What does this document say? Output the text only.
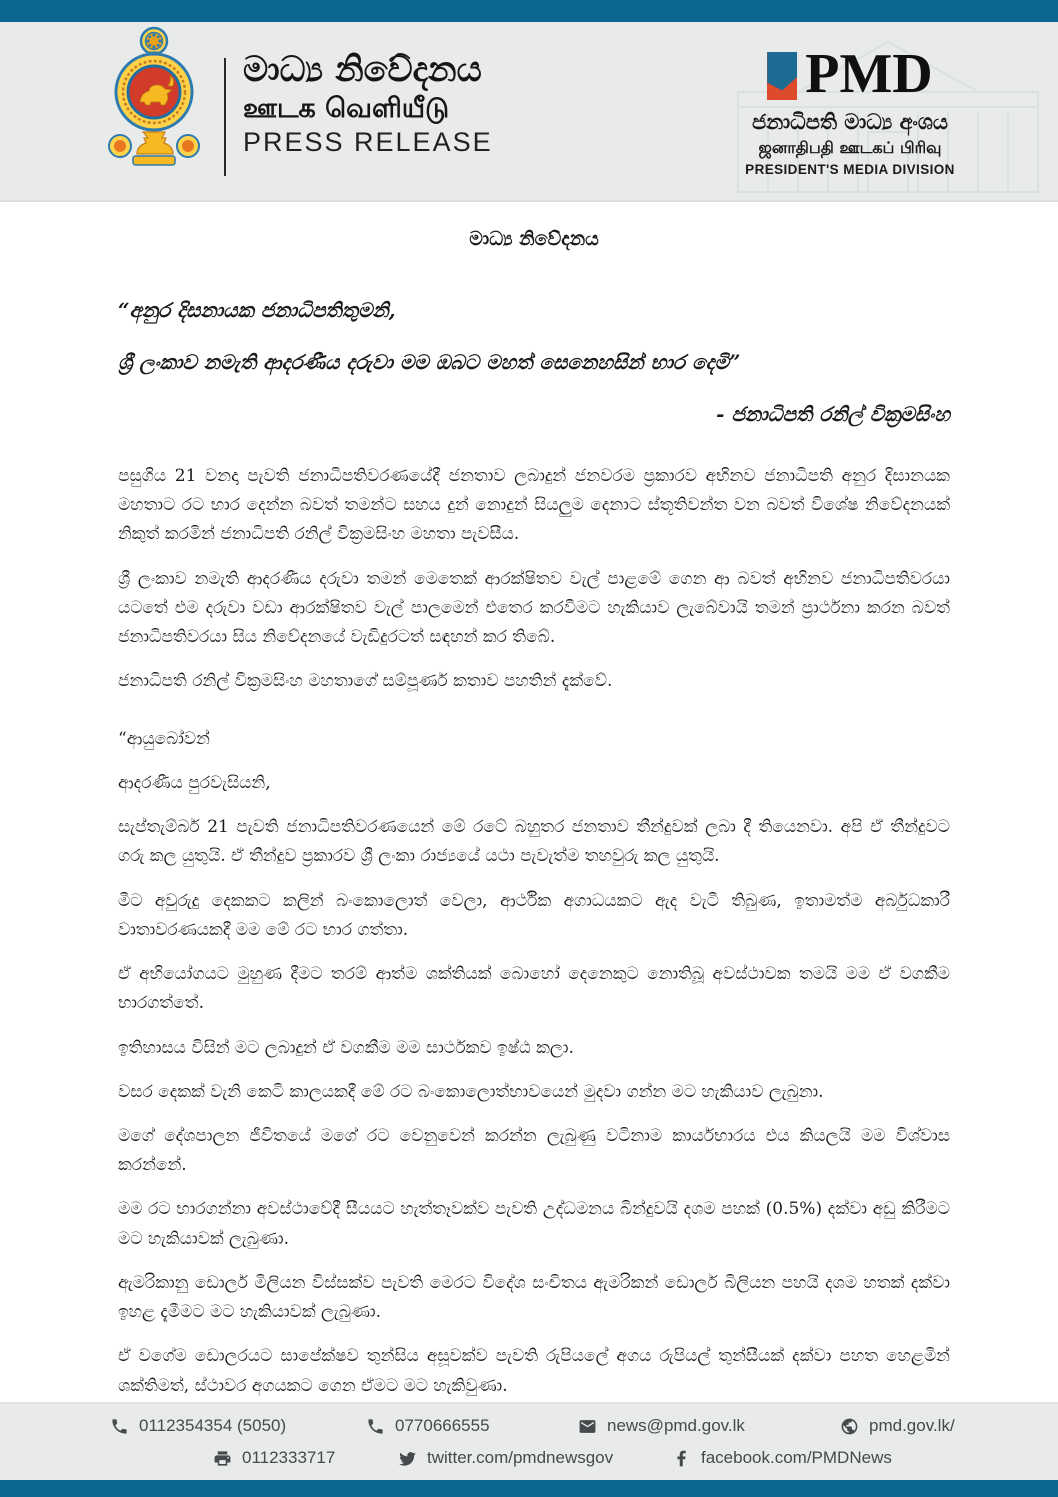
මාධ්‍ය නිවේදනය
ஊடக வெளியீடு
PRESS RELEASE
PMD
ජනාධිපති මාධ්‍ය අංශය
ஜனாதிபதி ஊடகப் பிரிவு
PRESIDENT'S MEDIA DIVISION

මාධ්‍ය නිවේදනය

“අනුර දිසනායක ජනාධිපතිතුමනි,

ශ්‍රී ලංකාව නමැති ආදරණීය දරුවා මම ඔබට මහත් සෙනෙහසින් භාර දෙමි”

- ජනාධිපති රනිල් වික්‍රමසිංහ

පසුගිය 21 වනදා පැවති ජනාධිපතිවරණයේදී ජනතාව ලබාදුන් ජනවරම ප්‍රකාරව අභිනව ජනාධිපති අනුර දිසානයක මහතාට රට භාර දෙන්න බවත් තමන්ට සහය දුන් නොදුන් සියලුම දෙනාට ස්තූතිවන්ත වන බවත් විශේෂ නිවේදනයක් නිකුත් කරමින් ජනාධිපති රනිල් වික්‍රමසිංහ මහතා පැවසීය.

ශ්‍රී ලංකාව නමැති ආදරණීය දරුවා තමන් මෙතෙක් ආරක්ෂිතව වැල් පාළමේ ගෙන ආ බවත් අභිනව ජනාධිපතිවරයා යටතේ එම දරුවා වඩා ආරක්ෂිතව වැල් පාලමෙන් එතෙර කරවීමට හැකියාව ලැබේවායි තමන් ප්‍රාර්ථනා කරන බවත් ජනාධිපතිවරයා සිය නිවේදනයේ වැඩිදුරටත් සඳහන් කර තිබේ.

ජනාධිපති රනිල් වික්‍රමසිංහ මහතාගේ සම්පූර්ණ කතාව පහතින් දැක්වේ.

“ආයුබෝවන්

ආදරණීය පුරවැසියනි,

සැප්තැම්බර් 21 පැවති ජනාධිපතිවරණයෙන් මේ රටේ බහුතර ජනතාව තීන්දුවක් ලබා දී තියෙනවා. අපි ඒ තීන්දුවට ගරු කල යුතුයි. ඒ තීන්දුව ප්‍රකාරව ශ්‍රී ලංකා රාජ්‍යයේ යථා පැවැත්ම තහවුරු කල යුතුයි.

මීට අවුරුදු දෙකකට කලින් බංකොලොත් වෙලා, ආර්ථික අගාධයකට ඇද වැටී තිබුණ, ඉතාමත්ම අර්බුධකාරී වාතාවරණයකදී මම මේ රට භාර ගත්තා.

ඒ අභියෝගයට මුහුණ දීමට තරම් ආත්ම ශක්තියක් බොහෝ දෙනෙකුට නොතිබූ අවස්ථාවක තමයි මම ඒ වගකීම භාරගත්තේ.

ඉතිහාසය විසින් මට ලබාදුන් ඒ වගකීම මම සාර්ථකව ඉෂ්ඨ කලා.

වසර දෙකක් වැනි කෙටි කාලයකදී මේ රට බංකොලොත්භාවයෙන් මුදවා ගන්න මට හැකියාව ලැබුනා.

මගේ දේශපාලන ජීවිතයේ මගේ රට වෙනුවෙන් කරන්න ලැබුණු වටිනාම කාර්යභාරය එය කියලයි මම විශ්වාස කරන්නේ.

මම රට භාරගන්නා අවස්ථාවේදී සීයයට හැත්තෑවක්ව පැවති උද්ධමනය බින්දුවයි දශම පහක් (0.5%) දක්වා අඩු කිරීමට මට හැකියාවක් ලැබුණා.

ඇමරිකානු ඩොලර් මිලියන විස්සක්ව පැවති මෙරට විදේශ සංචිතය ඇමරිකන් ඩොලර් බිලියන පහයි දශම හතක් දක්වා ඉහළ දැමීමට මට හැකියාවක් ලැබුණා.

ඒ වගේම ඩොලරයට සාපේක්ෂව තුන්සිය අසූවක්ව පැවති රුපියලේ අගය රුපියල් තුන්සීයක් දක්වා පහත හෙළමින් ශක්තිමත්, ස්ථාවර අගයකට ගෙන ඒමට මට හැකිවුණා.

0112354354 (5050)	0770666555	news@pmd.gov.lk	pmd.gov.lk/
0112333717	twitter.com/pmdnewsgov	facebook.com/PMDNews
